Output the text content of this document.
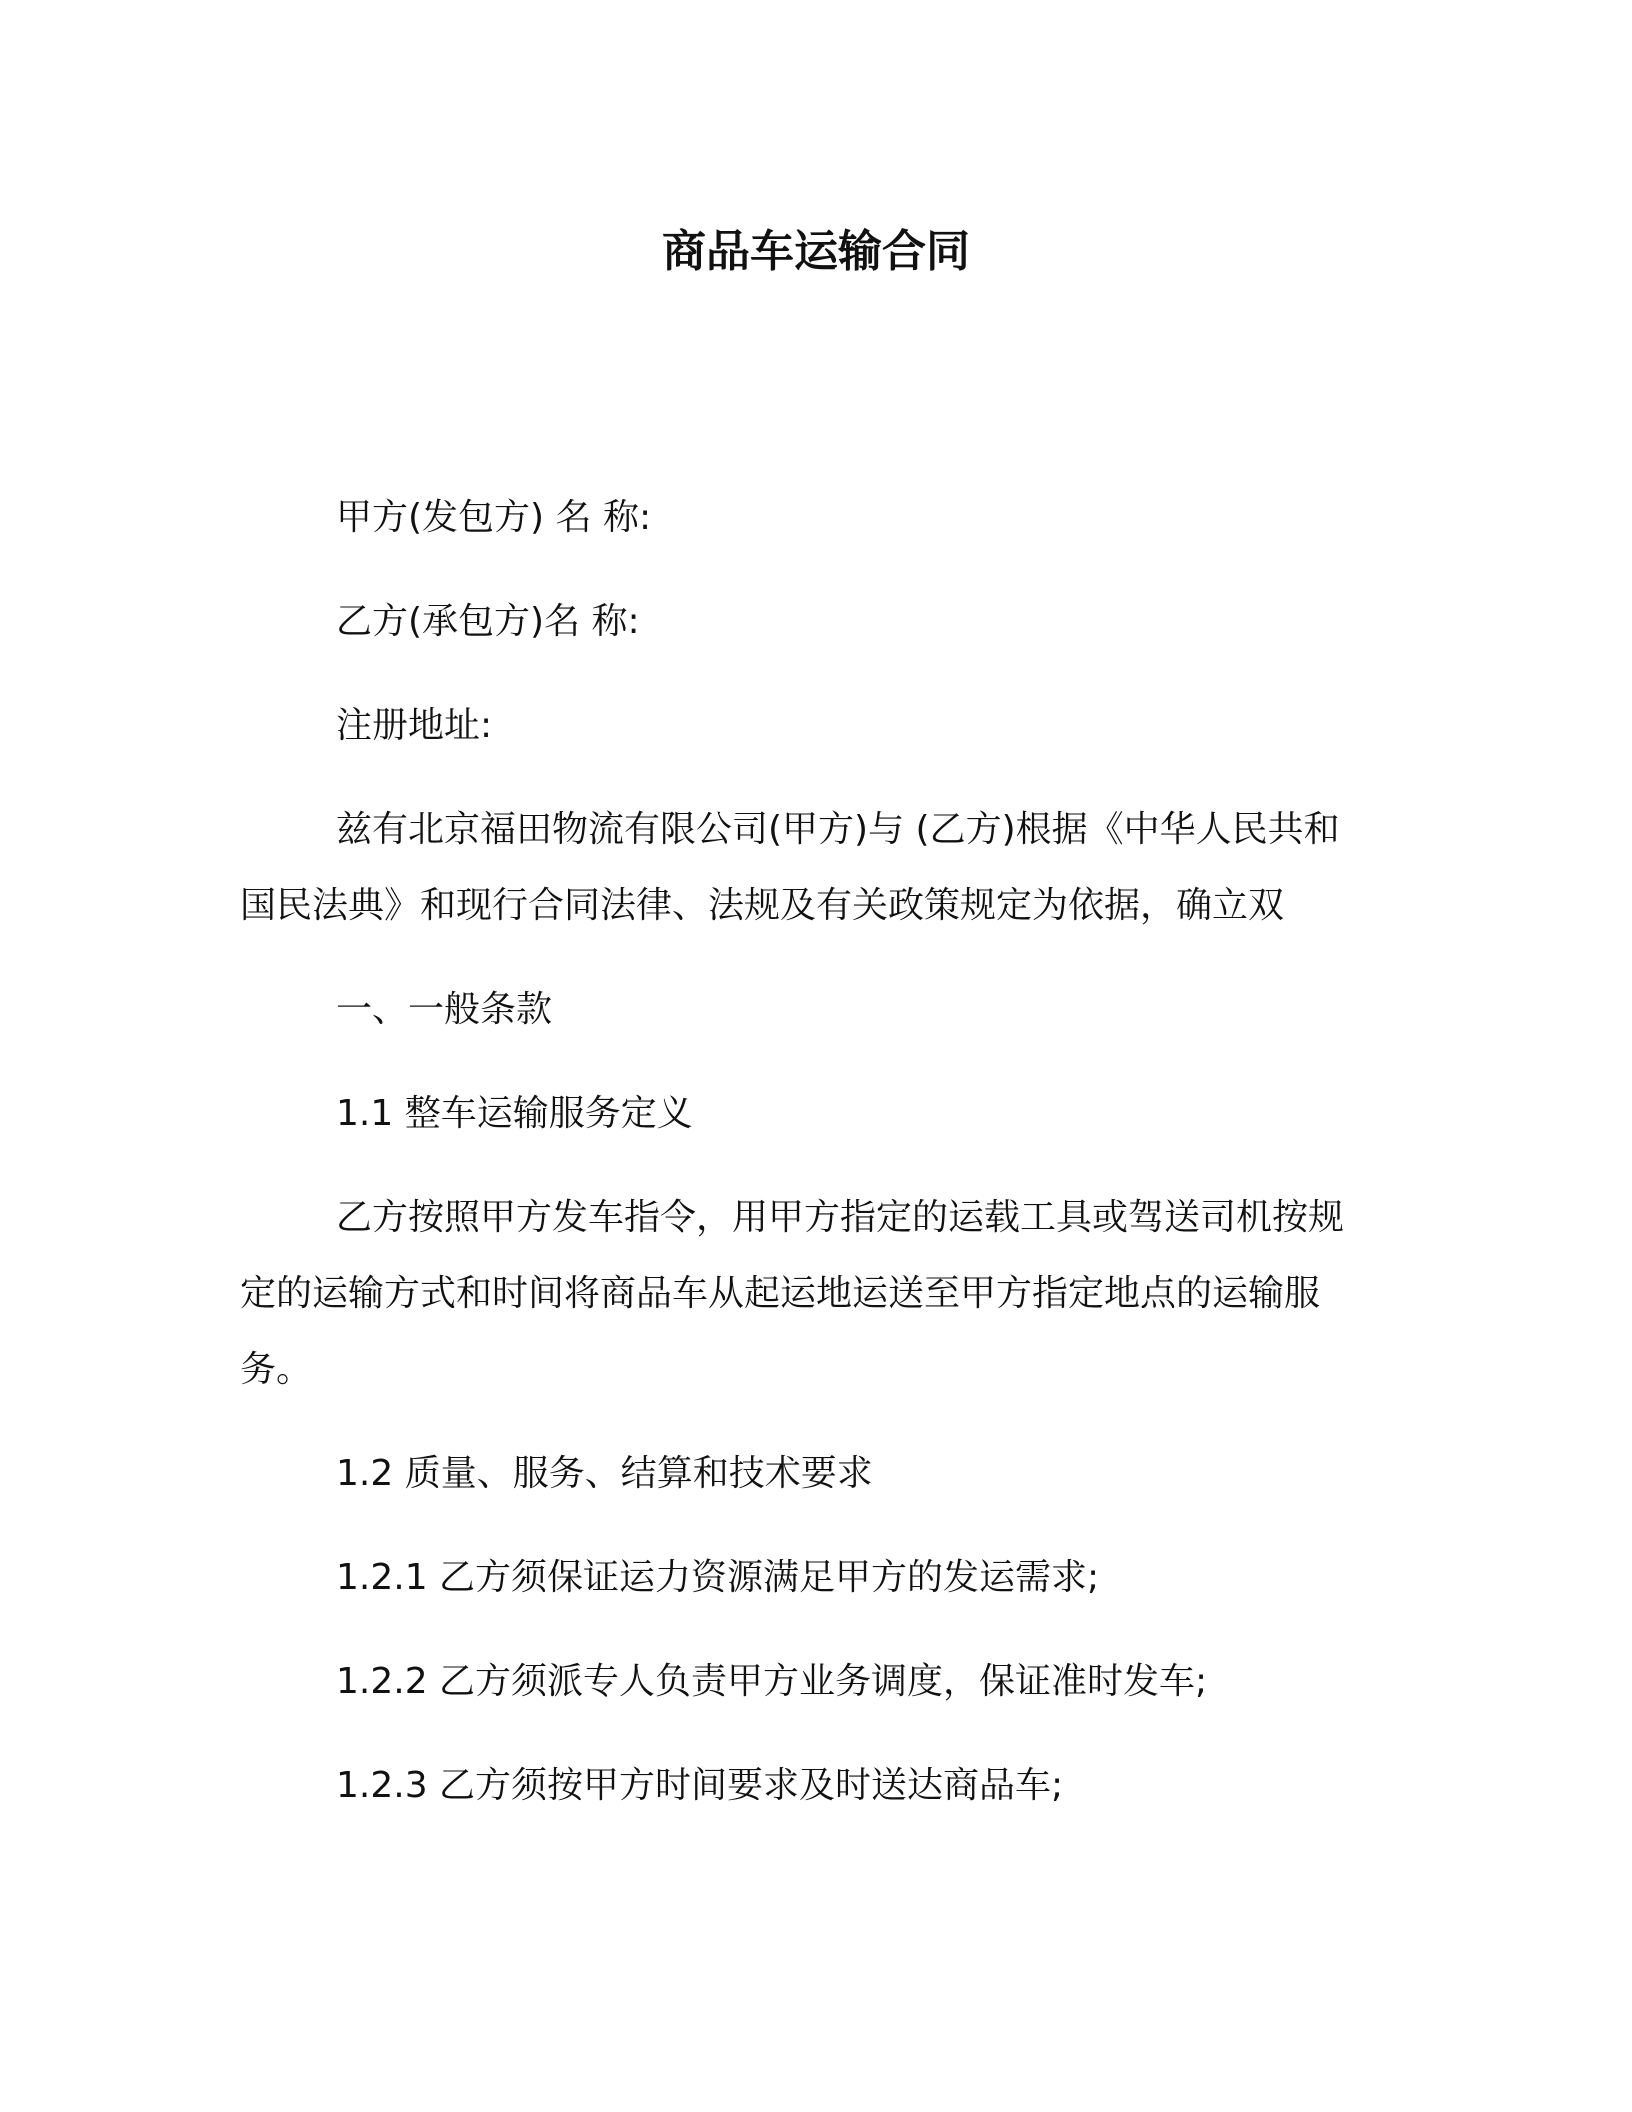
商品车运输合同
甲方(发包方) 名 称:
乙方(承包方)名 称:
注册地址:
兹有北京福田物流有限公司(甲方)与 (乙方)根据《中华人民共和
国民法典》和现行合同法律、法规及有关政策规定为依据，确立双
一、一般条款
1.1 整车运输服务定义
乙方按照甲方发车指令，用甲方指定的运载工具或驾送司机按规
定的运输方式和时间将商品车从起运地运送至甲方指定地点的运输服
务。
1.2 质量、服务、结算和技术要求
1.2.1 乙方须保证运力资源满足甲方的发运需求;
1.2.2 乙方须派专人负责甲方业务调度，保证准时发车;
1.2.3 乙方须按甲方时间要求及时送达商品车;
